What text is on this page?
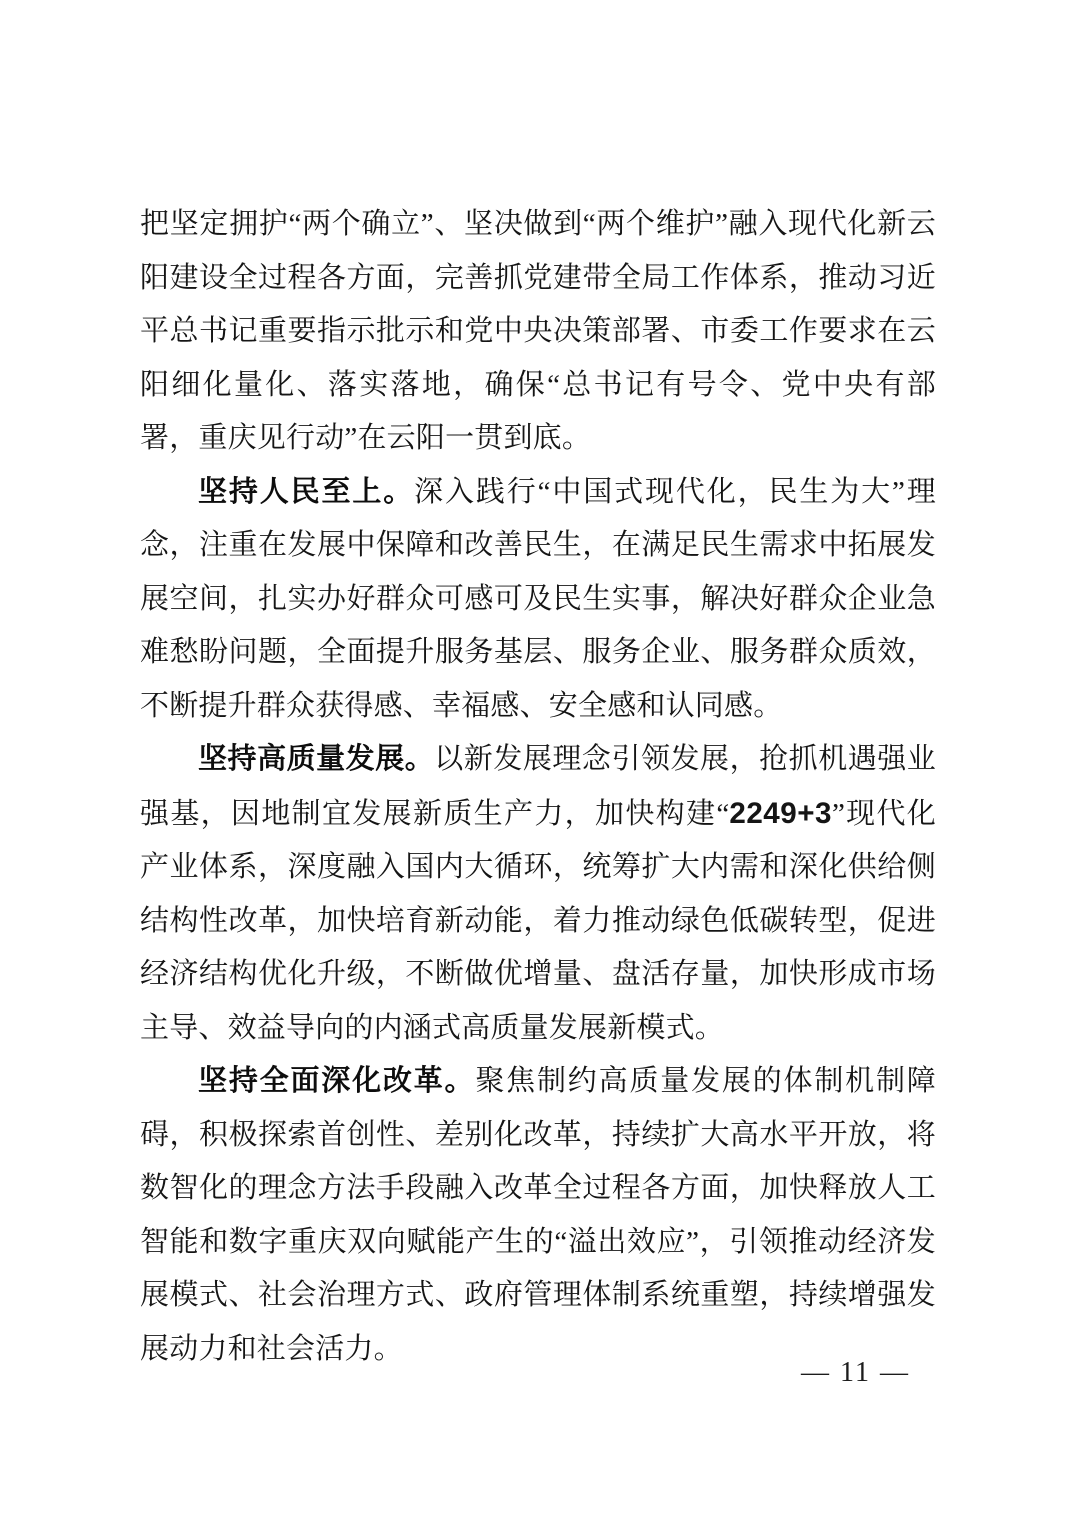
把坚定拥护“两个确立”、坚决做到“两个维护”融入现代化新云阳建设全过程各方面，完善抓党建带全局工作体系，推动习近平总书记重要指示批示和党中央决策部署、市委工作要求在云阳细化量化、落实落地，确保“总书记有号令、党中央有部署，重庆见行动”在云阳一贯到底。

坚持人民至上。深入践行“中国式现代化，民生为大”理念，注重在发展中保障和改善民生，在满足民生需求中拓展发展空间，扎实办好群众可感可及民生实事，解决好群众企业急难愁盼问题，全面提升服务基层、服务企业、服务群众质效，不断提升群众获得感、幸福感、安全感和认同感。

坚持高质量发展。以新发展理念引领发展，抢抓机遇强业强基，因地制宜发展新质生产力，加快构建“2249+3”现代化产业体系，深度融入国内大循环，统筹扩大内需和深化供给侧结构性改革，加快培育新动能，着力推动绿色低碳转型，促进经济结构优化升级，不断做优增量、盘活存量，加快形成市场主导、效益导向的内涵式高质量发展新模式。

坚持全面深化改革。聚焦制约高质量发展的体制机制障碍，积极探索首创性、差别化改革，持续扩大高水平开放，将数智化的理念方法手段融入改革全过程各方面，加快释放人工智能和数字重庆双向赋能产生的“溢出效应”，引领推动经济发展模式、社会治理方式、政府管理体制系统重塑，持续增强发展动力和社会活力。

— 11 —
